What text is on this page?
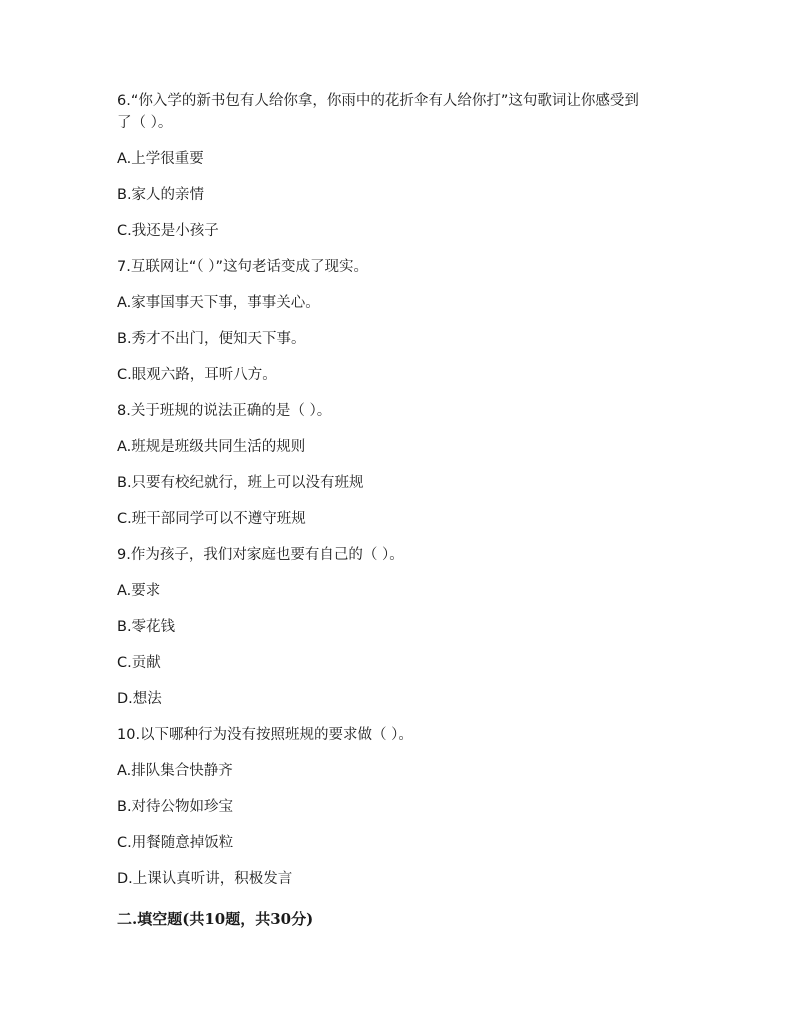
6.“你入学的新书包有人给你拿，你雨中的花折伞有人给你打”这句歌词让你感受到
了（ ）。
A.上学很重要
B.家人的亲情
C.我还是小孩子
7.互联网让“（ ）”这句老话变成了现实。
A.家事国事天下事，事事关心。
B.秀才不出门，便知天下事。
C.眼观六路，耳听八方。
8.关于班规的说法正确的是（ ）。
A.班规是班级共同生活的规则
B.只要有校纪就行，班上可以没有班规
C.班干部同学可以不遵守班规
9.作为孩子，我们对家庭也要有自己的（ ）。
A.要求
B.零花钱
C.贡献
D.想法
10.以下哪种行为没有按照班规的要求做（ ）。
A.排队集合快静齐
B.对待公物如珍宝
C.用餐随意掉饭粒
D.上课认真听讲，积极发言
二.填空题(共10题，共30分)
